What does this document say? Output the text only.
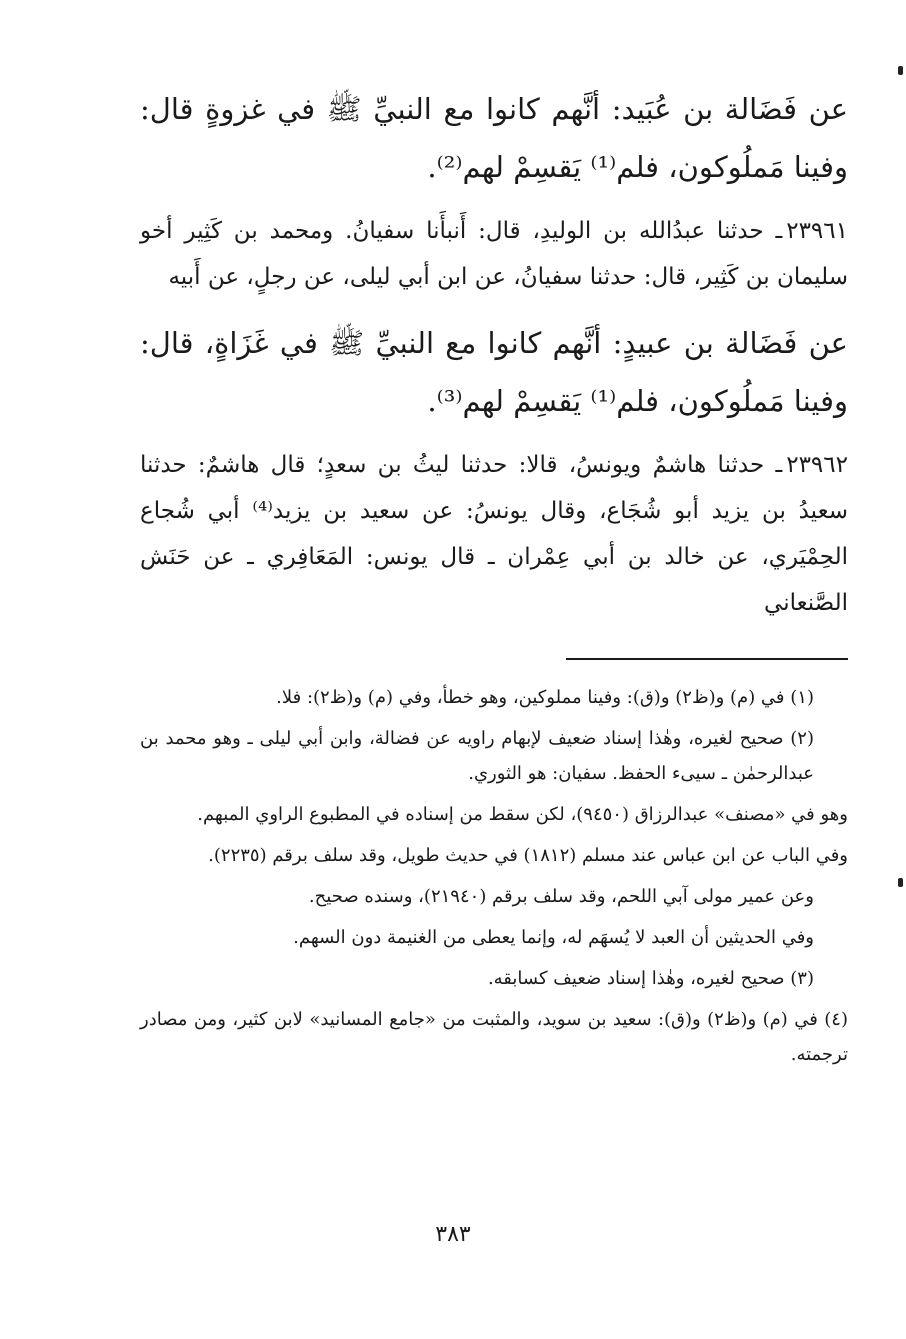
عن فَضَالة بن عُبَيد: أنَّهم كانوا مع النبيِّ ﷺ في غزوةٍ قال: وفينا مَملُوكون، فلم⁽¹⁾ يَقسِمْ لهم⁽²⁾.

٢٣٩٦١ـ حدثنا عبدُالله بن الوليدِ، قال: أَنبأَنا سفيانُ. ومحمد بن كَثِير أخو سليمان بن كَثِير، قال: حدثنا سفيانُ، عن ابن أبي ليلى، عن رجلٍ، عن أَبيه

عن فَضَالة بن عبيدٍ: أنَّهم كانوا مع النبيِّ ﷺ في غَزَاةٍ، قال: وفينا مَملُوكون، فلم⁽¹⁾ يَقسِمْ لهم⁽³⁾.

٢٣٩٦٢ـ حدثنا هاشمٌ ويونسُ، قالا: حدثنا ليثُ بن سعدٍ؛ قال هاشمٌ: حدثنا سعيدُ بن يزيد أبو شُجَاع، وقال يونسُ: عن سعيد بن يزيد⁽⁴⁾ أبي شُجاع الحِمْيَري، عن خالد بن أبي عِمْران ـ قال يونس: المَعَافِري ـ عن حَنَش الصَّنعاني

(١) في (م) و(ظ٢) و(ق): وفينا مملوكين، وهو خطأ، وفي (م) و(ظ٢): فلا.

(٢) صحيح لغيره، وهٰذا إسناد ضعيف لإبهام راويه عن فضالة، وابن أبي ليلى ـ وهو محمد بن عبدالرحمٰن ـ سيىء الحفظ. سفيان: هو الثوري.

وهو في «مصنف» عبدالرزاق (٩٤٥٠)، لكن سقط من إسناده في المطبوع الراوي المبهم.

وفي الباب عن ابن عباس عند مسلم (١٨١٢) في حديث طويل، وقد سلف برقم (٢٢٣٥).

وعن عمير مولى آبي اللحم، وقد سلف برقم (٢١٩٤٠)، وسنده صحيح.

وفي الحديثين أن العبد لا يُسهَم له، وإنما يعطى من الغنيمة دون السهم.

(٣) صحيح لغيره، وهٰذا إسناد ضعيف كسابقه.

(٤) في (م) و(ظ٢) و(ق): سعيد بن سويد، والمثبت من «جامع المسانيد» لابن كثير، ومن مصادر ترجمته.

٣٨٣
